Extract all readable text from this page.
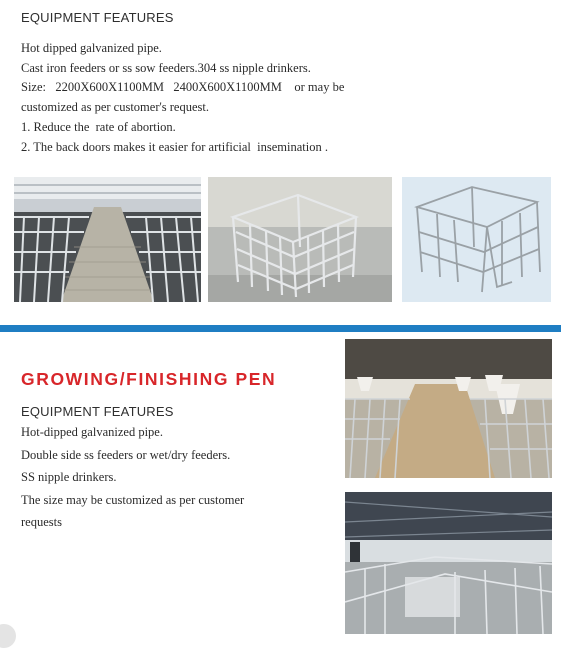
EQUIPMENT FEATURES
Hot dipped galvanized pipe.
Cast iron feeders or ss sow feeders.304 ss nipple drinkers.
Size:   2200X600X1100MM   2400X600X1100MM    or may be
customized as per customer's request.
1. Reduce the  rate of abortion.
2. The back doors makes it easier for artificial  insemination .
GROWING/FINISHING PEN
EQUIPMENT FEATURES
Hot-dipped galvanized pipe.
Double side ss feeders or wet/dry feeders.
SS nipple drinkers.
The size may be customized as per customer
requests
